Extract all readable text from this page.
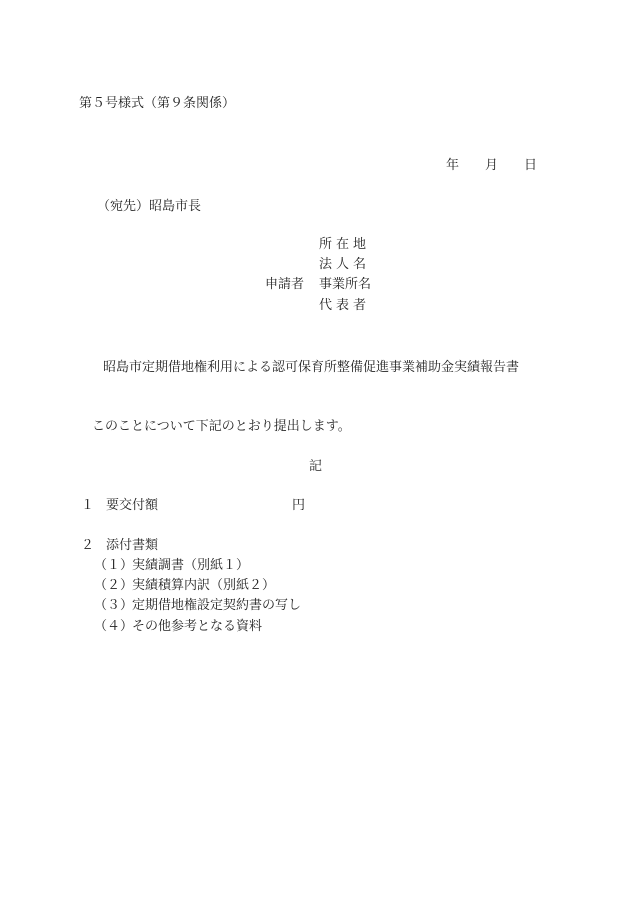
第５号様式（第９条関係）
年 月 日
（宛先）昭島市長
申請者
所在地
法人名
事業所名
代表者
昭島市定期借地権利用による認可保育所整備促進事業補助金実績報告書
このことについて下記のとおり提出します。
記
１ 要交付額	円
２ 添付書類
（１）
実績調書（別紙１）
（２）
実績積算内訳（別紙２）
（３）
定期借地権設定契約書の写し
（４）
その他参考となる資料
